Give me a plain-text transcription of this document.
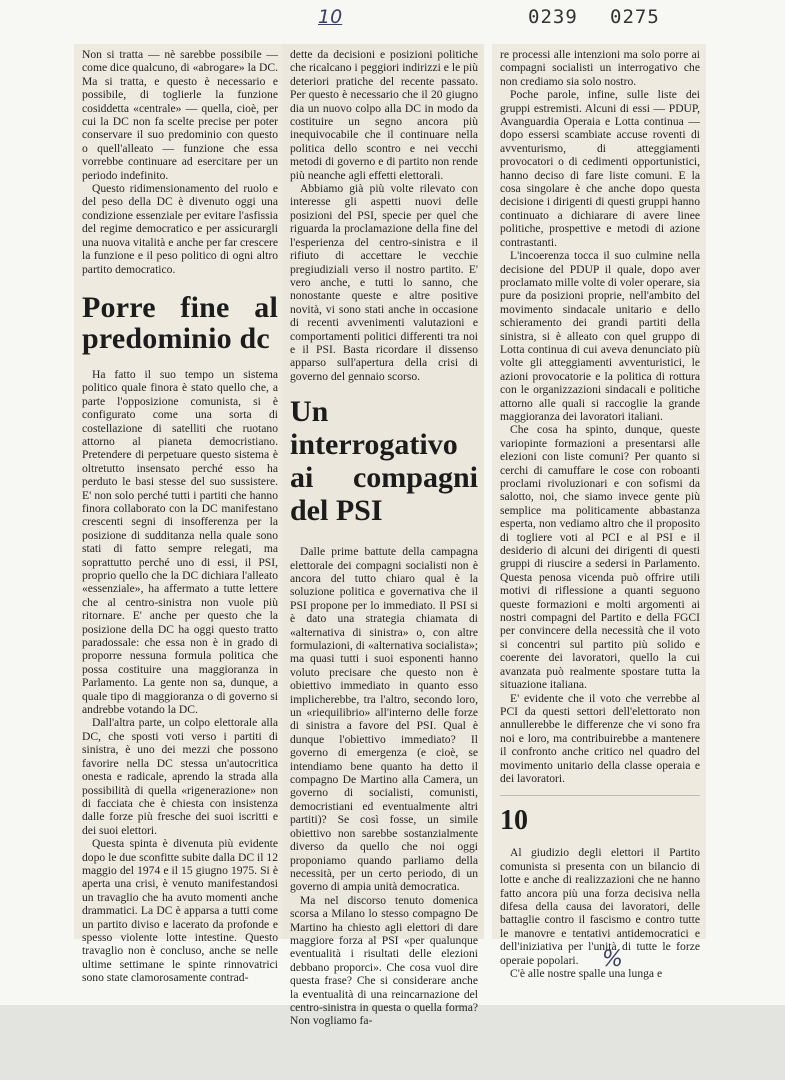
10	0239 0275

Non si tratta — nè sarebbe possibile — come dice qualcuno, di «abrogare» la DC. Ma si tratta, e questo è necessario e possibile, di toglierle la funzione cosiddetta «centrale» — quella, cioè, per cui la DC non fa scelte precise per poter conservare il suo predominio con questo o quell'alleato — funzione che essa vorrebbe continuare ad esercitare per un periodo indefinito.

Questo ridimensionamento del ruolo e del peso della DC è divenuto oggi una condizione essenziale per evitare l'asfissia del regime democratico e per assicurargli una nuova vitalità e anche per far crescere la funzione e il peso politico di ogni altro partito democratico.

Porre fine al predominio dc

Ha fatto il suo tempo un sistema politico quale finora è stato quello che, a parte l'opposizione comunista, si è configurato come una sorta di costellazione di satelliti che ruotano attorno al pianeta democristiano. Pretendere di perpetuare questo sistema è oltretutto insensato perché esso ha perduto le basi stesse del suo sussistere. E' non solo perché tutti i partiti che hanno finora collaborato con la DC manifestano crescenti segni di insofferenza per la posizione di sudditanza nella quale sono stati di fatto sempre relegati, ma soprattutto perché uno di essi, il PSI, proprio quello che la DC dichiara l'alleato «essenziale», ha affermato a tutte lettere che al centro-sinistra non vuole più ritornare. E' anche per questo che la posizione della DC ha oggi questo tratto paradossale: che essa non è in grado di proporre nessuna formula politica che possa costituire una maggioranza in Parlamento. La gente non sa, dunque, a quale tipo di maggioranza o di governo si andrebbe votando la DC.

Dall'altra parte, un colpo elettorale alla DC, che sposti voti verso i partiti di sinistra, è uno dei mezzi che possono favorire nella DC stessa un'autocritica onesta e radicale, aprendo la strada alla possibilità di quella «rigenerazione» non di facciata che è chiesta con insistenza dalle forze più fresche dei suoi iscritti e dei suoi elettori.

Questa spinta è divenuta più evidente dopo le due sconfitte subite dalla DC il 12 maggio del 1974 e il 15 giugno 1975. Si è aperta una crisi, è venuto manifestandosi un travaglio che ha avuto momenti anche drammatici. La DC è apparsa a tutti come un partito diviso e lacerato da profonde e spesso violente lotte intestine. Questo travaglio non è concluso, anche se nelle ultime settimane le spinte rinnovatrici sono state clamorosamente contrad-

dette da decisioni e posizioni politiche che ricalcano i peggiori indirizzi e le più deteriori pratiche del recente passato. Per questo è necessario che il 20 giugno dia un nuovo colpo alla DC in modo da costituire un segno ancora più inequivocabile che il continuare nella politica dello scontro e nei vecchi metodi di governo e di partito non rende più neanche agli effetti elettorali.

Abbiamo già più volte rilevato con interesse gli aspetti nuovi delle posizioni del PSI, specie per quel che riguarda la proclamazione della fine del l'esperienza del centro-sinistra e il rifiuto di accettare le vecchie pregiudiziali verso il nostro partito. E' vero anche, e tutti lo sanno, che nonostante queste e altre positive novità, vi sono stati anche in occasione di recenti avvenimenti valutazioni e comportamenti politici differenti tra noi e il PSI. Basta ricordare il dissenso apparso sull'apertura della crisi di governo del gennaio scorso.

Un interrogativo ai compagni del PSI

Dalle prime battute della campagna elettorale dei compagni socialisti non è ancora del tutto chiaro qual è la soluzione politica e governativa che il PSI propone per lo immediato. Il PSI si è dato una strategia chiamata di «alternativa di sinistra» o, con altre formulazioni, di «alternativa socialista»; ma quasi tutti i suoi esponenti hanno voluto precisare che questo non è obiettivo immediato in quanto esso implicherebbe, tra l'altro, secondo loro, un «riequilibrio» all'interno delle forze di sinistra a favore del PSI. Qual è dunque l'obiettivo immediato? Il governo di emergenza (e cioè, se intendiamo bene quanto ha detto il compagno De Martino alla Camera, un governo di socialisti, comunisti, democristiani ed eventualmente altri partiti)? Se così fosse, un simile obiettivo non sarebbe sostanzialmente diverso da quello che noi oggi proponiamo quando parliamo della necessità, per un certo periodo, di un governo di ampia unità democratica.

Ma nel discorso tenuto domenica scorsa a Milano lo stesso compagno De Martino ha chiesto agli elettori di dare maggiore forza al PSI «per qualunque eventualità i risultati delle elezioni debbano proporci». Che cosa vuol dire questa frase? Che si considerare anche la eventualità di una reincarnazione del centro-sinistra in questa o quella forma? Non vogliamo fa-

re processi alle intenzioni ma solo porre ai compagni socialisti un interrogativo che non crediamo sia solo nostro.

Poche parole, infine, sulle liste dei gruppi estremisti. Alcuni di essi — PDUP, Avanguardia Operaia e Lotta continua — dopo essersi scambiate accuse roventi di avventurismo, di atteggiamenti provocatori o di cedimenti opportunistici, hanno deciso di fare liste comuni. E la cosa singolare è che anche dopo questa decisione i dirigenti di questi gruppi hanno continuato a dichiarare di avere linee politiche, prospettive e metodi di azione contrastanti.

L'incoerenza tocca il suo culmine nella decisione del PDUP il quale, dopo aver proclamato mille volte di voler operare, sia pure da posizioni proprie, nell'ambito del movimento sindacale unitario e dello schieramento dei grandi partiti della sinistra, si è alleato con quel gruppo di Lotta continua di cui aveva denunciato più volte gli atteggiamenti avventuristici, le azioni provocatorie e la politica di rottura con le organizzazioni sindacali e politiche attorno alle quali si raccoglie la grande maggioranza dei lavoratori italiani.

Che cosa ha spinto, dunque, queste variopinte formazioni a presentarsi alle elezioni con liste comuni? Per quanto si cerchi di camuffare le cose con roboanti proclami rivoluzionari e con sofismi da salotto, noi, che siamo invece gente più semplice ma politicamente abbastanza esperta, non vediamo altro che il proposito di togliere voti al PCI e al PSI e il desiderio di alcuni dei dirigenti di questi gruppi di riuscire a sedersi in Parlamento. Questa penosa vicenda può offrire utili motivi di riflessione a quanti seguono queste formazioni e molti argomenti ai nostri compagni del Partito e della FGCI per convincere della necessità che il voto si concentri sul partito più solido e coerente dei lavoratori, quello la cui avanzata può realmente spostare tutta la situazione italiana.

E' evidente che il voto che verrebbe al PCI da questi settori dell'elettorato non annullerebbe le differenze che vi sono fra noi e loro, ma contribuirebbe a mantenere il confronto anche critico nel quadro del movimento unitario della classe operaia e dei lavoratori.

10

Al giudizio degli elettori il Partito comunista si presenta con un bilancio di lotte e anche di realizzazioni che ne hanno fatto ancora più una forza decisiva nella difesa della causa dei lavoratori, delle battaglie contro il fascismo e contro tutte le manovre e tentativi antidemocratici e dell'iniziativa per l'unità di tutte le forze operaie popolari.

C'è alle nostre spalle una lunga e

%
